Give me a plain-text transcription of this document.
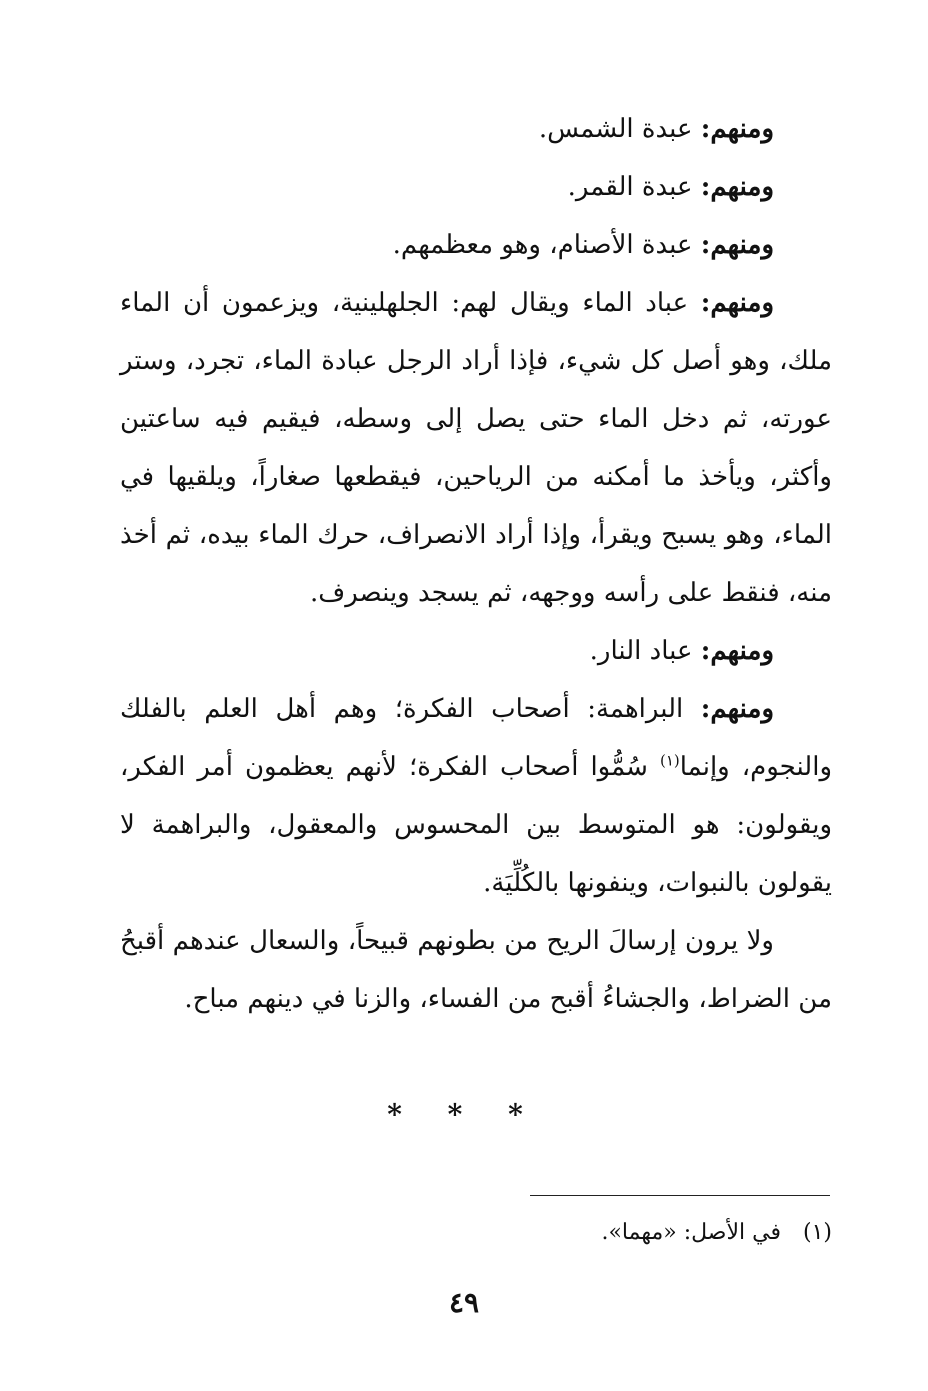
ومنهم: عبدة الشمس.

ومنهم: عبدة القمر.

ومنهم: عبدة الأصنام، وهو معظمهم.

ومنهم: عباد الماء ويقال لهم: الجلهلينية، ويزعمون أن الماء ملك، وهو أصل كل شيء، فإذا أراد الرجل عبادة الماء، تجرد، وستر عورته، ثم دخل الماء حتى يصل إلى وسطه، فيقيم فيه ساعتين وأكثر، ويأخذ ما أمكنه من الرياحين، فيقطعها صغاراً، ويلقيها في الماء، وهو يسبح ويقرأ، وإذا أراد الانصراف، حرك الماء بيده، ثم أخذ منه، فنقط على رأسه ووجهه، ثم يسجد وينصرف.

ومنهم: عباد النار.

ومنهم: البراهمة: أصحاب الفكرة؛ وهم أهل العلم بالفلك والنجوم، وإنما$^{(١)}$ سُمُّوا أصحاب الفكرة؛ لأنهم يعظمون أمر الفكر، ويقولون: هو المتوسط بين المحسوس والمعقول، والبراهمة لا يقولون بالنبوات، وينفونها بالكُلِّيَة.

ولا يرون إرسالَ الريح من بطونهم قبيحاً، والسعال عندهم أقبحُ من الضراط، والجشاءُ أقبح من الفساء، والزنا في دينهم مباح.

* * *
(١)في الأصل: «مهما».
٤٩
